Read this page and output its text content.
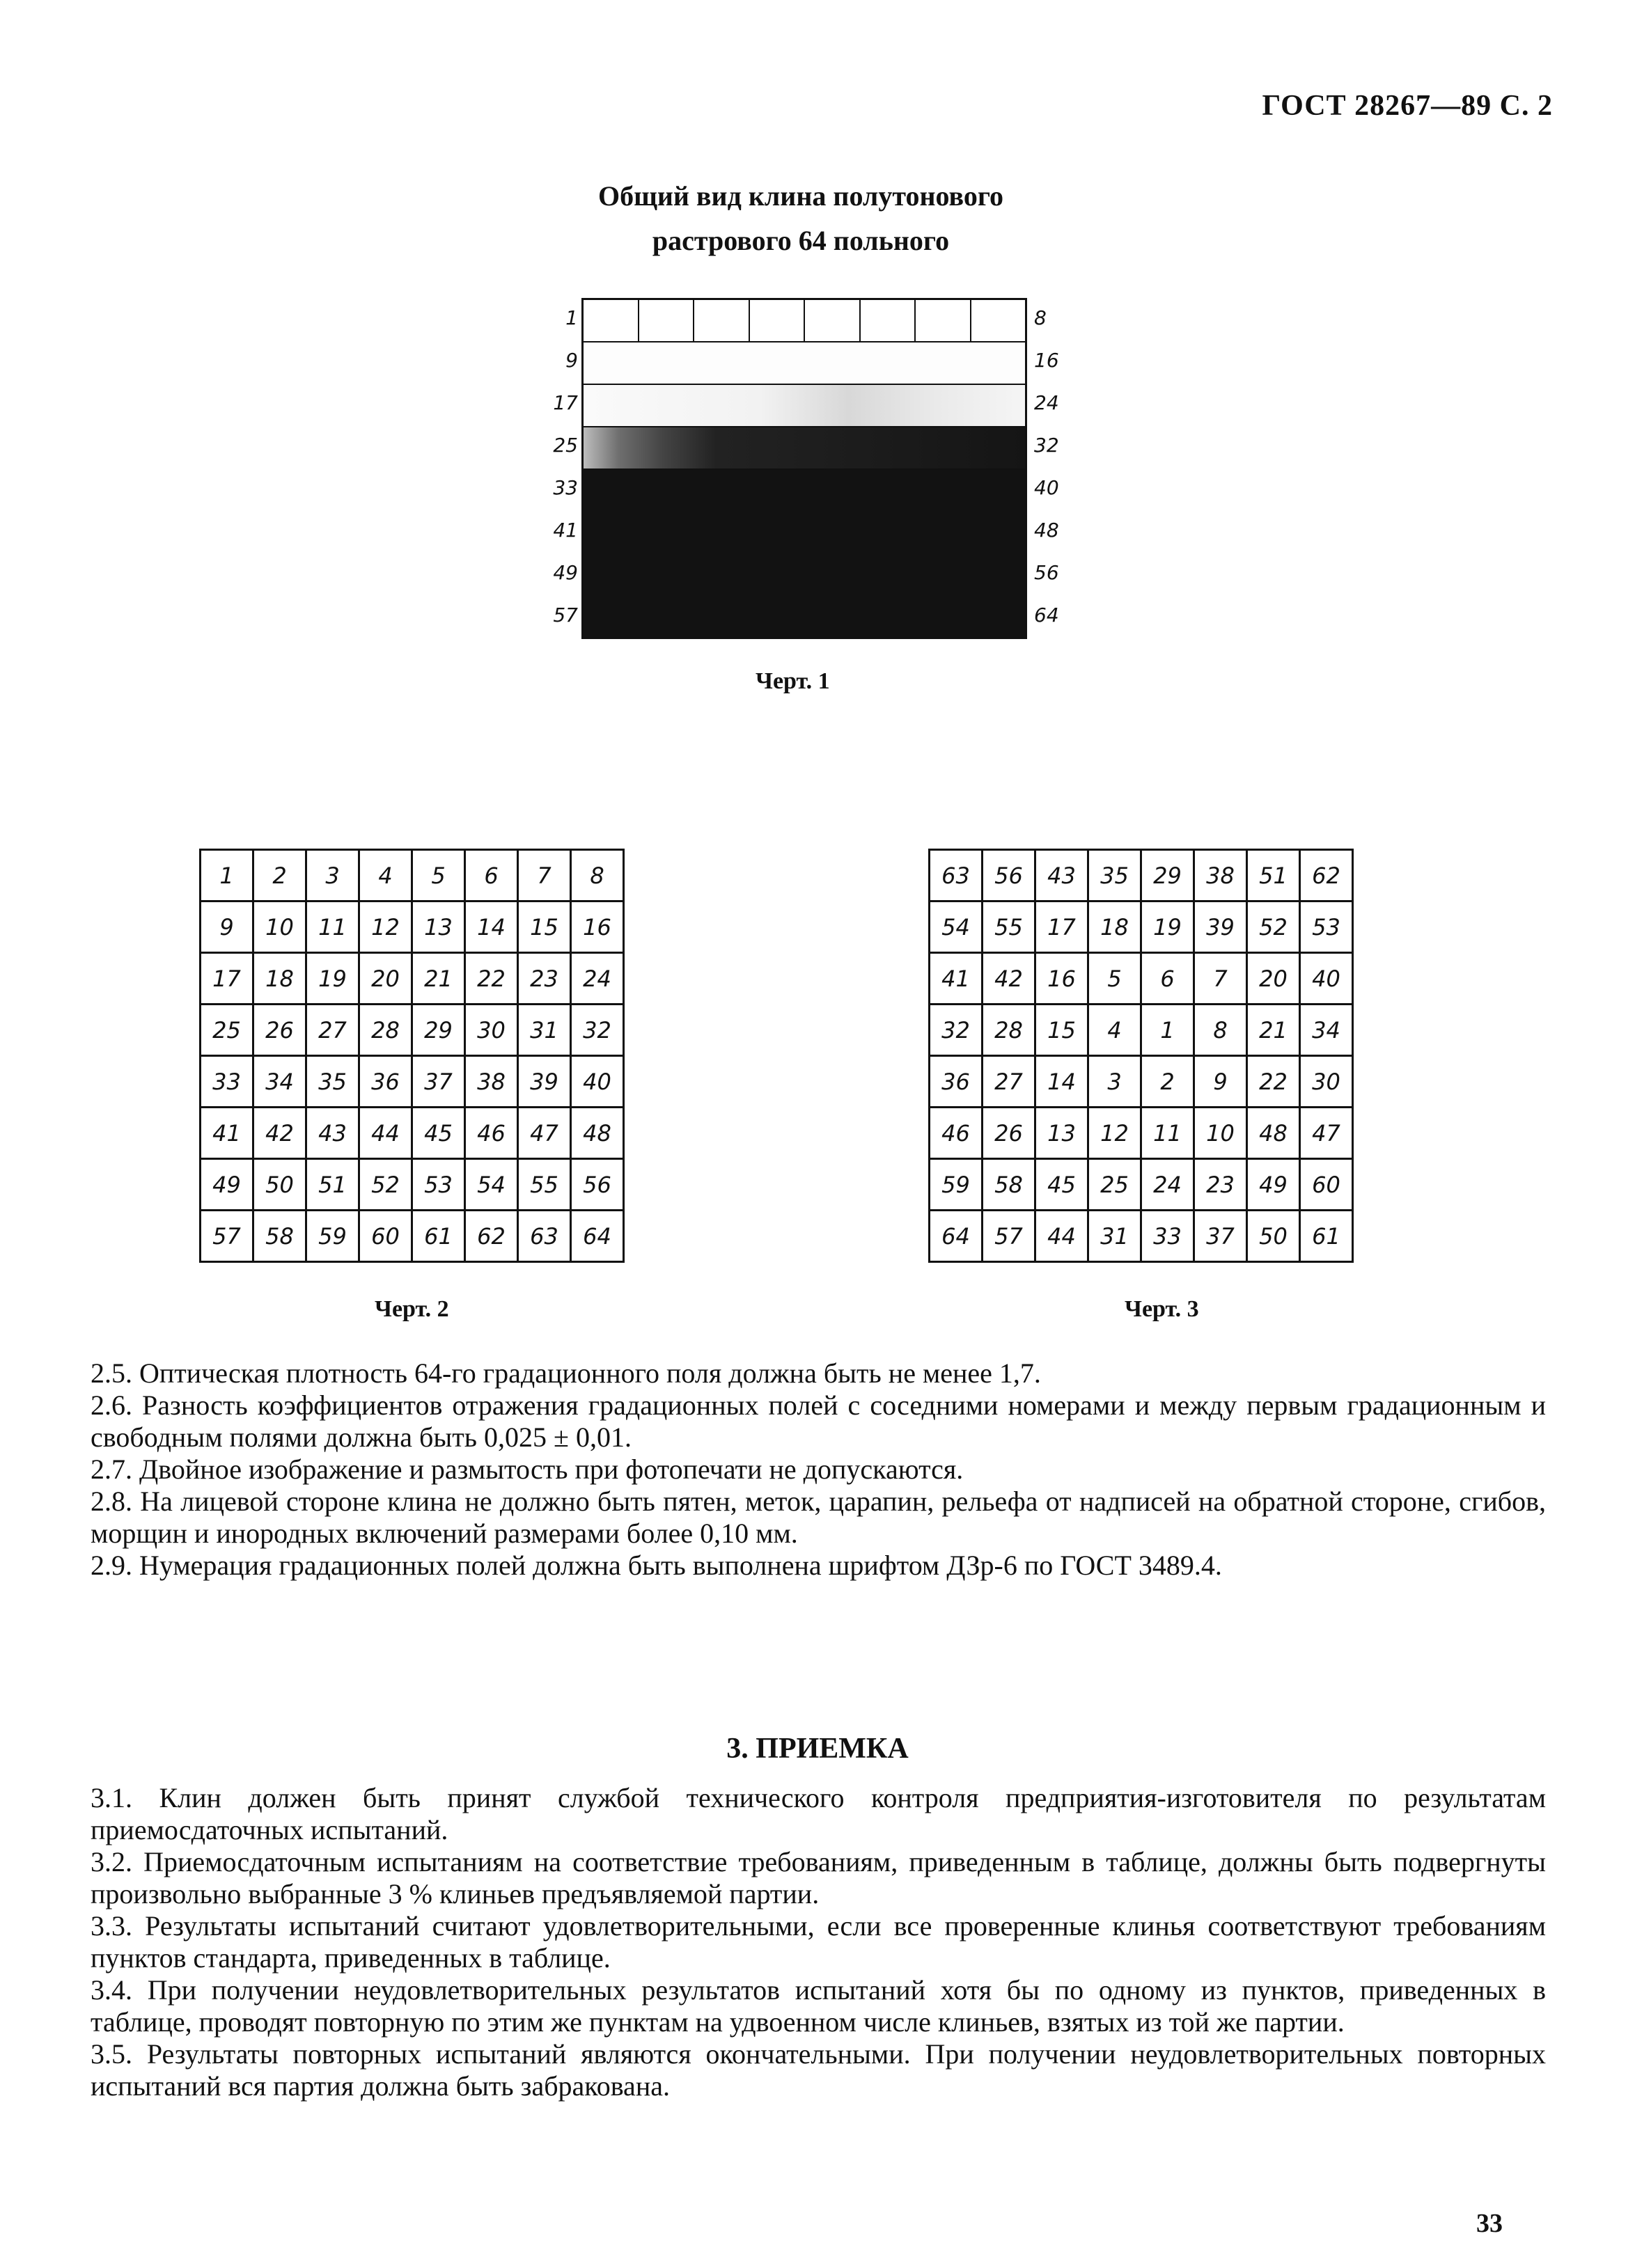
ГОСТ 28267—89 С. 2
Общий вид клина полутонового
растрового 64 польного
1
9
17
25
33
41
49
57
8
16
24
32
40
48
56
64
Черт. 1
1	2	3	4	5	6	7	8
9	10	11	12	13	14	15	16
17	18	19	20	21	22	23	24
25	26	27	28	29	30	31	32
33	34	35	36	37	38	39	40
41	42	43	44	45	46	47	48
49	50	51	52	53	54	55	56
57	58	59	60	61	62	63	64
Черт. 2
63	56	43	35	29	38	51	62
54	55	17	18	19	39	52	53
41	42	16	5	6	7	20	40
32	28	15	4	1	8	21	34
36	27	14	3	2	9	22	30
46	26	13	12	11	10	48	47
59	58	45	25	24	23	49	60
64	57	44	31	33	37	50	61
Черт. 3

2.5. Оптическая плотность 64-го градационного поля должна быть не менее 1,7.

2.6. Разность коэффициентов отражения градационных полей с соседними номерами и между первым градационным и свободным полями должна быть 0,025 ± 0,01.

2.7. Двойное изображение и размытость при фотопечати не допускаются.

2.8. На лицевой стороне клина не должно быть пятен, меток, царапин, рельефа от надписей на обратной стороне, сгибов, морщин и инородных включений размерами более 0,10 мм.

2.9. Нумерация градационных полей должна быть выполнена шрифтом ДЗр-6 по ГОСТ 3489.4.

3. ПРИЕМКА

3.1. Клин должен быть принят службой технического контроля предприятия-изготовителя по результатам приемосдаточных испытаний.

3.2. Приемосдаточным испытаниям на соответствие требованиям, приведенным в таблице, должны быть подвергнуты произвольно выбранные 3 % клиньев предъявляемой партии.

3.3. Результаты испытаний считают удовлетворительными, если все проверенные клинья соответствуют требованиям пунктов стандарта, приведенных в таблице.

3.4. При получении неудовлетворительных результатов испытаний хотя бы по одному из пунктов, приведенных в таблице, проводят повторную по этим же пунктам на удвоенном числе клиньев, взятых из той же партии.

3.5. Результаты повторных испытаний являются окончательными. При получении неудовлетворительных повторных испытаний вся партия должна быть забракована.

33
